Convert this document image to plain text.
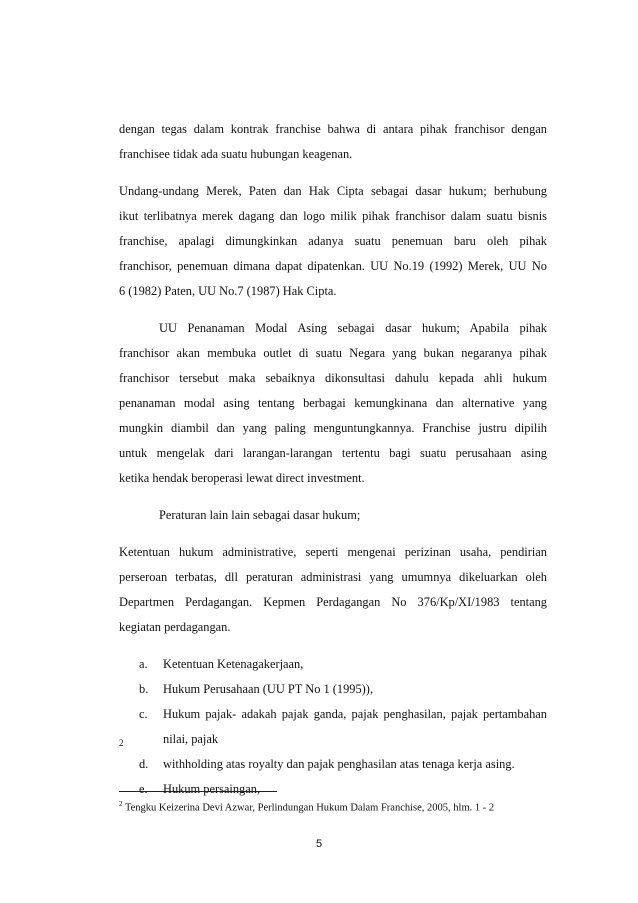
dengan tegas dalam kontrak franchise bahwa di antara pihak franchisor dengan
franchisee tidak ada suatu hubungan keagenan.
Undang-undang Merek, Paten dan Hak Cipta sebagai dasar hukum; berhubung
ikut terlibatnya merek dagang dan logo milik pihak franchisor dalam suatu bisnis
franchise, apalagi dimungkinkan adanya suatu penemuan baru oleh pihak
franchisor, penemuan dimana dapat dipatenkan. UU No.19 (1992) Merek, UU No
6 (1982) Paten, UU No.7 (1987) Hak Cipta.
UU Penanaman Modal Asing sebagai dasar hukum; Apabila pihak
franchisor akan membuka outlet di suatu Negara yang bukan negaranya pihak
franchisor tersebut maka sebaiknya dikonsultasi dahulu kepada ahli hukum
penanaman modal asing tentang berbagai kemungkinana dan alternative yang
mungkin diambil dan yang paling menguntungkannya. Franchise justru dipilih
untuk mengelak dari larangan-larangan tertentu bagi suatu perusahaan asing
ketika hendak beroperasi lewat direct investment.
Peraturan lain lain sebagai dasar hukum;
Ketentuan hukum administrative, seperti mengenai perizinan usaha, pendirian
perseroan terbatas, dll peraturan administrasi yang umumnya dikeluarkan oleh
Departmen Perdagangan. Kepmen Perdagangan No 376/Kp/XI/1983 tentang
kegiatan perdagangan.
a.	Ketentuan Ketenagakerjaan,
b.	Hukum Perusahaan (UU PT No 1 (1995)),
c.	Hukum pajak- adakah pajak ganda, pajak penghasilan, pajak pertambahan
nilai, pajak
d.	withholding atas royalty dan pajak penghasilan atas tenaga kerja asing.
e.	Hukum persaingan,
2
$^2$ Tengku Keizerina Devi Azwar, Perlindungan Hukum Dalam Franchise, 2005, hlm. 1 - 2
5
